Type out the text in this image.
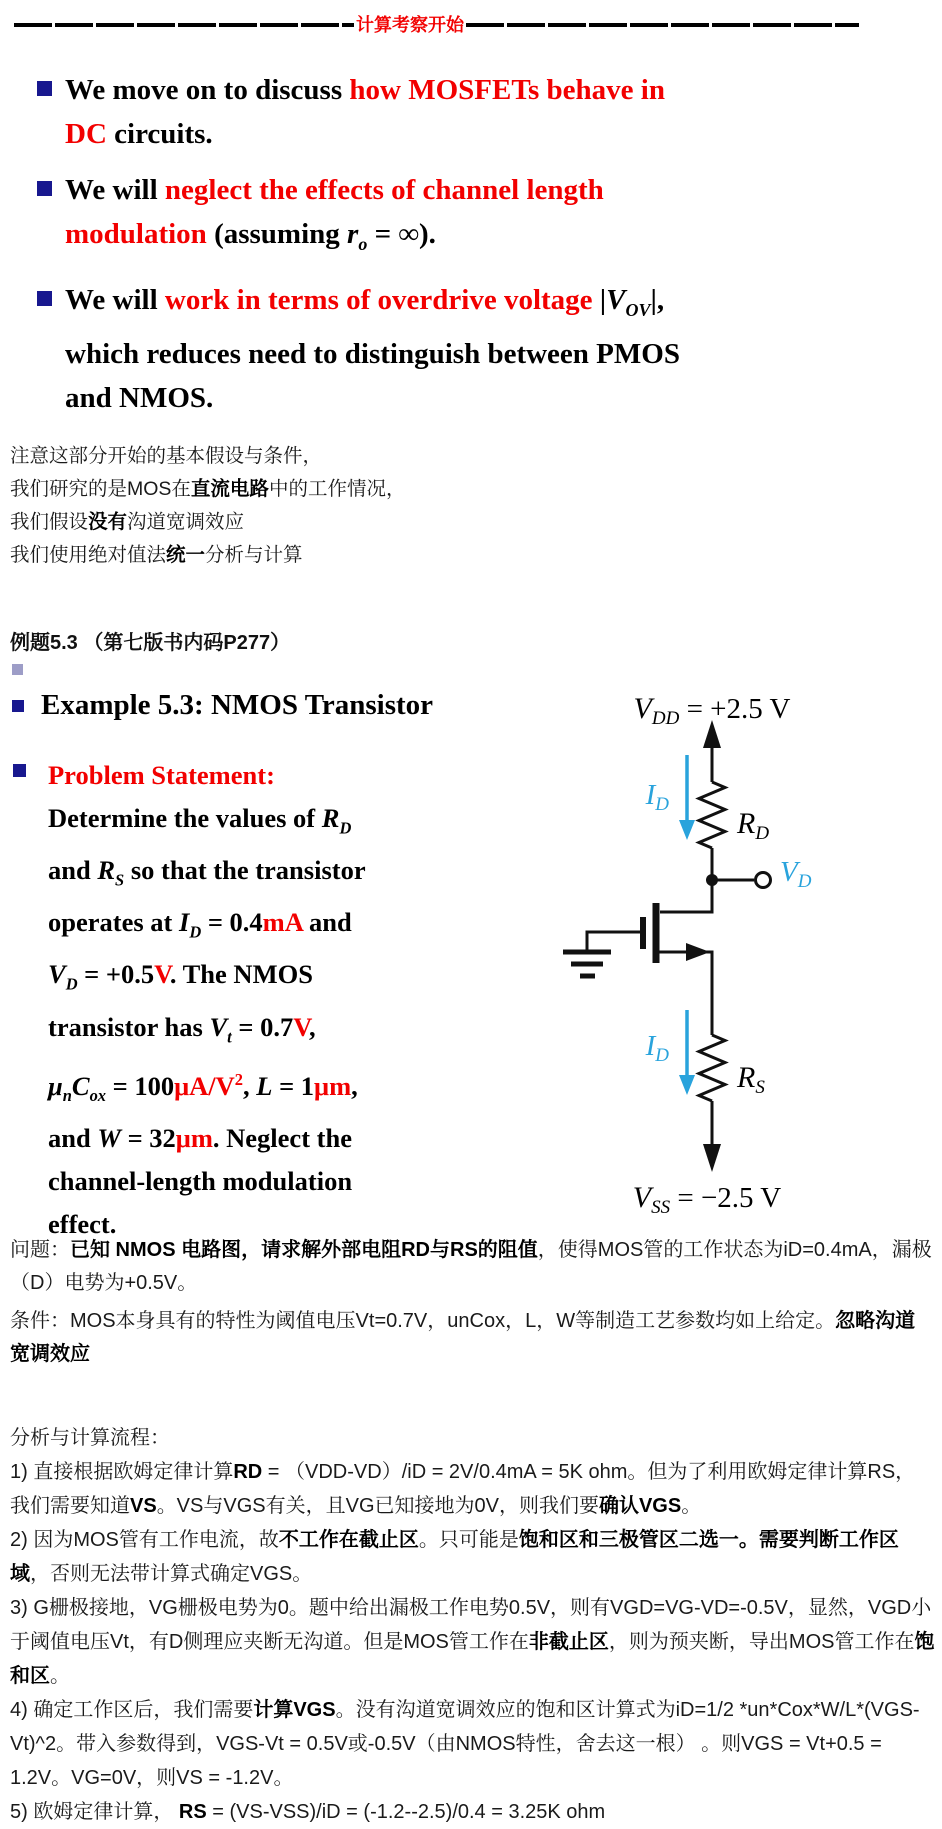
计算考察开始
We move on to discuss how MOSFETs behave in
DC circuits.
We will neglect the effects of channel length
modulation (assuming $r_o$ = ∞).
We will work in terms of overdrive voltage $|V_{OV}|$,
which reduces need to distinguish between PMOS
and NMOS.
注意这部分开始的基本假设与条件，
我们研究的是MOS在直流电路中的工作情况，
我们假设没有沟道宽调效应
我们使用绝对值法统一分析与计算
例题5.3 （第七版书内码P277）
Example 5.3: NMOS Transistor
Problem Statement:
Determine the values of $R_D$
and $R_S$ so that the transistor
operates at $I_D = 0.4mA$ and
$V_D = +0.5V$. The NMOS
transistor has $V_t = 0.7V$,
$\mu_nC_{ox} = 100\mu A/V^2$, L = 1μm,
and W = 32μm. Neglect the
channel-length modulation
effect.
$V_{DD} = +2.5$ V
$I_D$
$R_D$
$V_D$
$I_D$
$R_S$
$V_{SS} = -2.5$ V

问题：已知 NMOS 电路图，请求解外部电阻RD与RS的阻值，使得MOS管的工作状态为iD=0.4mA，漏极（D）电势为+0.5V。

条件：MOS本身具有的特性为阈值电压Vt=0.7V，unCox，L，W等制造工艺参数均如上给定。忽略沟道宽调效应

分析与计算流程：

1) 直接根据欧姆定律计算RD = （VDD-VD）/iD = 2V/0.4mA = 5K ohm。但为了利用欧姆定律计算RS，我们需要知道VS。VS与VGS有关，且VG已知接地为0V，则我们要确认VGS。

2) 因为MOS管有工作电流，故不工作在截止区。只可能是饱和区和三极管区二选一。需要判断工作区域，否则无法带计算式确定VGS。

3) G栅极接地，VG栅极电势为0。题中给出漏极工作电势0.5V，则有VGD=VG-VD=-0.5V，显然，VGD小于阈值电压Vt，有D侧理应夹断无沟道。但是MOS管工作在非截止区，则为预夹断，导出MOS管工作在饱和区。

4) 确定工作区后，我们需要计算VGS。没有沟道宽调效应的饱和区计算式为iD=1/2 *un*Cox*W/L*(VGS-Vt)^2。带入参数得到，VGS-Vt = 0.5V或-0.5V（由NMOS特性，舍去这一根） 。则VGS = Vt+0.5 = 1.2V。VG=0V，则VS = -1.2V。

5) 欧姆定律计算， RS = (VS-VSS)/iD = (-1.2--2.5)/0.4 = 3.25K ohm
